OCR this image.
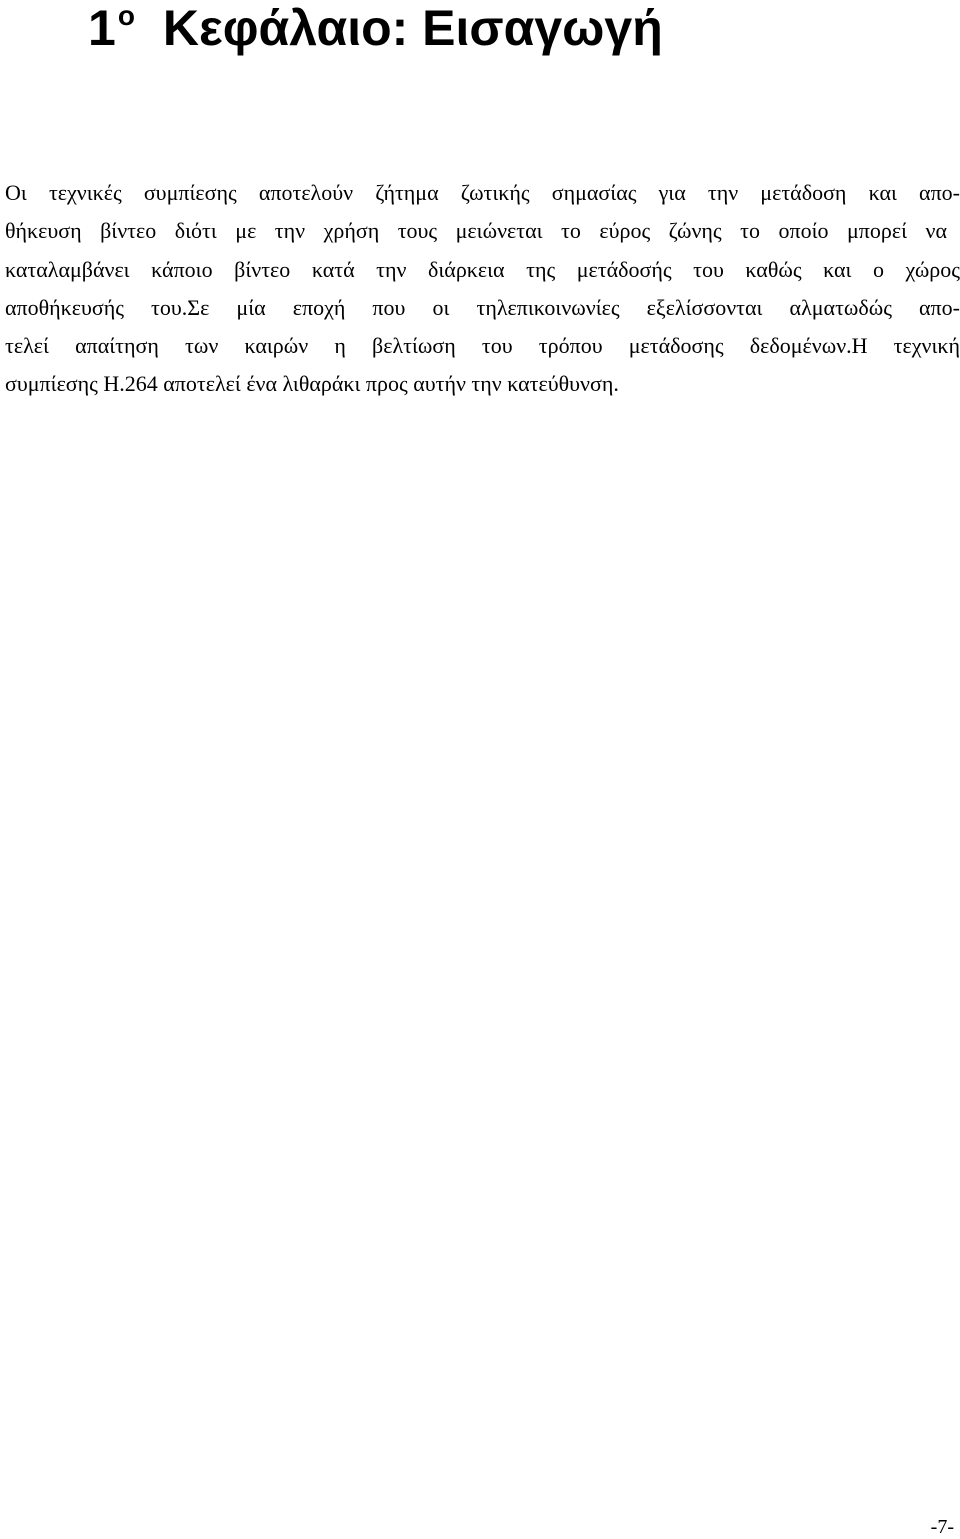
$1^o$ Κεφάλαιο: Εισαγωγή

Οι τεχνικές συμπίεσης αποτελούν ζήτημα ζωτικής σημασίας για την μετάδοση και απο-
θήκευση βίντεο διότι με την χρήση τους μειώνεται το εύρος ζώνης το οποίο μπορεί να
καταλαμβάνει κάποιο βίντεο κατά την διάρκεια της μετάδοσής του καθώς και ο χώρος
αποθήκευσής του.Σε μία εποχή που οι τηλεπικοινωνίες εξελίσσονται αλματωδώς απο-
τελεί απαίτηση των καιρών η βελτίωση του τρόπου μετάδοσης δεδομένων.Η τεχνική
συμπίεσης H.264 αποτελεί ένα λιθαράκι προς αυτήν την κατεύθυνση.

-7-
